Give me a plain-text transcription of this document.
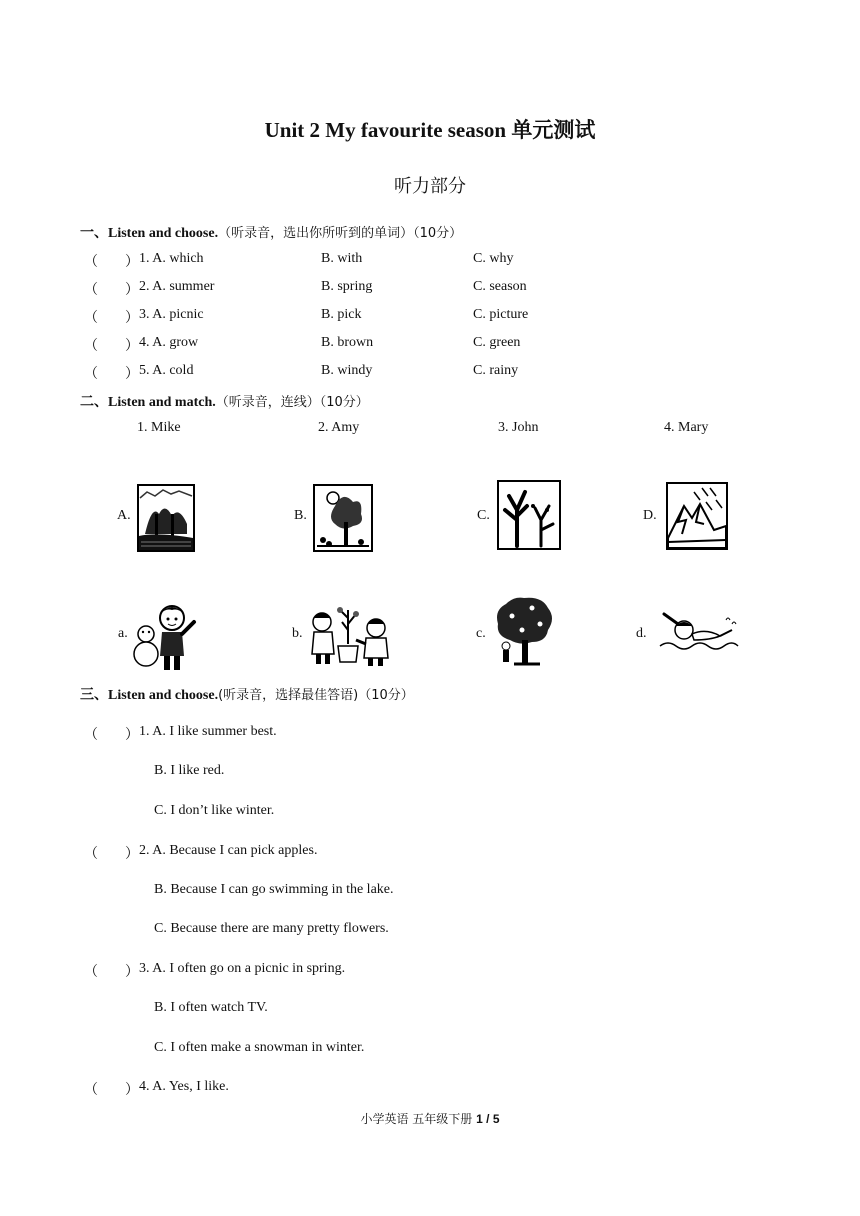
Unit 2 My favourite season 单元测试
听力部分
一、Listen and choose.（听录音，选出你所听到的单词）（10分）
（ ） 1. A. which	B. with	C. why
（ ） 2. A. summer	B. spring	C. season
（ ） 3. A. picnic	B. pick	C. picture
（ ） 4. A. grow	B. brown	C. green
（ ） 5. A. cold	B. windy	C. rainy
二、Listen and match.（听录音，连线）（10分）
1. Mike	2. Amy	3. John	4. Mary
A.	B.	C.	D.
a.	b.	c.	d.
三、Listen and choose.(听录音，选择最佳答语)（10分）
（ ） 1. A. I like summer best.
B. I like red.
C. I don’t like winter.
（ ） 2. A. Because I can pick apples.
B. Because I can go swimming in the lake.
C. Because there are many pretty flowers.
（ ） 3. A. I often go on a picnic in spring.
B. I often watch TV.
C. I often make a snowman in winter.
（ ） 4. A. Yes, I like.
小学英语 五年级下册 1 / 5
